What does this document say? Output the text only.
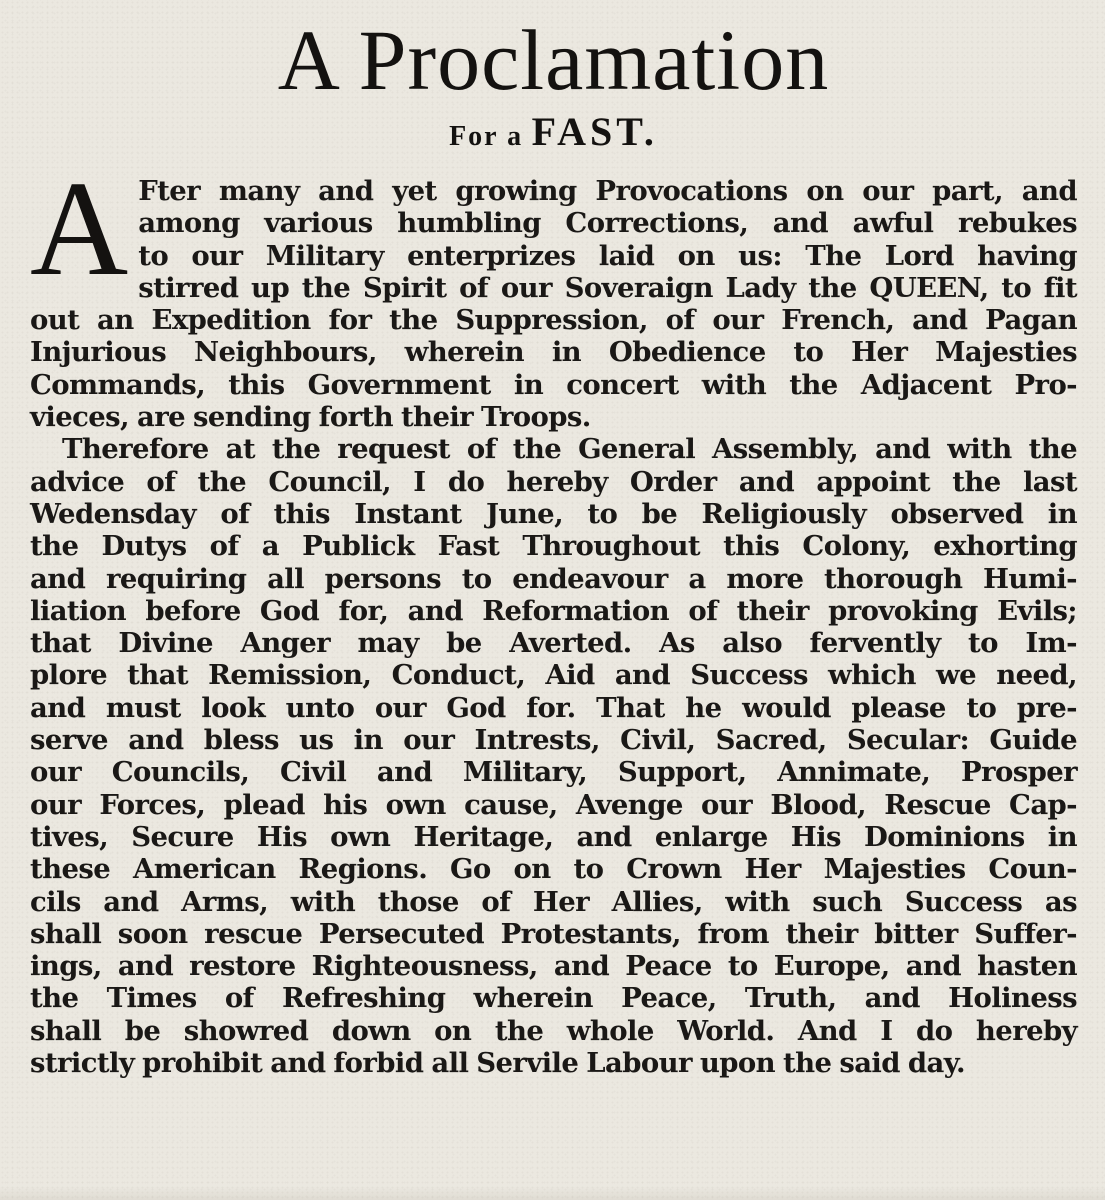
A Proclamation
For a FAST.
A Fter many and yet growing Provocations on our part, and
among various humbling Corrections, and awful rebukes
to our Military enterprizes laid on us: The Lord having
stirred up the Spirit of our Soveraign Lady the QUEEN, to fit
out an Expedition for the Suppression, of our French, and Pagan
Injurious Neighbours, wherein in Obedience to Her Majesties
Commands, this Government in concert with the Adjacent Pro-
vieces, are sending forth their Troops.
Therefore at the request of the General Assembly, and with the
advice of the Council, I do hereby Order and appoint the last
Wedensday of this Instant June, to be Religiously observed in
the Dutys of a Publick Fast Throughout this Colony, exhorting
and requiring all persons to endeavour a more thorough Humi-
liation before God for, and Reformation of their provoking Evils;
that Divine Anger may be Averted. As also fervently to Im-
plore that Remission, Conduct, Aid and Success which we need,
and must look unto our God for. That he would please to pre-
serve and bless us in our Intrests, Civil, Sacred, Secular: Guide
our Councils, Civil and Military, Support, Annimate, Prosper
our Forces, plead his own cause, Avenge our Blood, Rescue Cap-
tives, Secure His own Heritage, and enlarge His Dominions in
these American Regions. Go on to Crown Her Majesties Coun-
cils and Arms, with those of Her Allies, with such Success as
shall soon rescue Persecuted Protestants, from their bitter Suffer-
ings, and restore Righteousness, and Peace to Europe, and hasten
the Times of Refreshing wherein Peace, Truth, and Holiness
shall be showred down on the whole World. And I do hereby
strictly prohibit and forbid all Servile Labour upon the said day.
